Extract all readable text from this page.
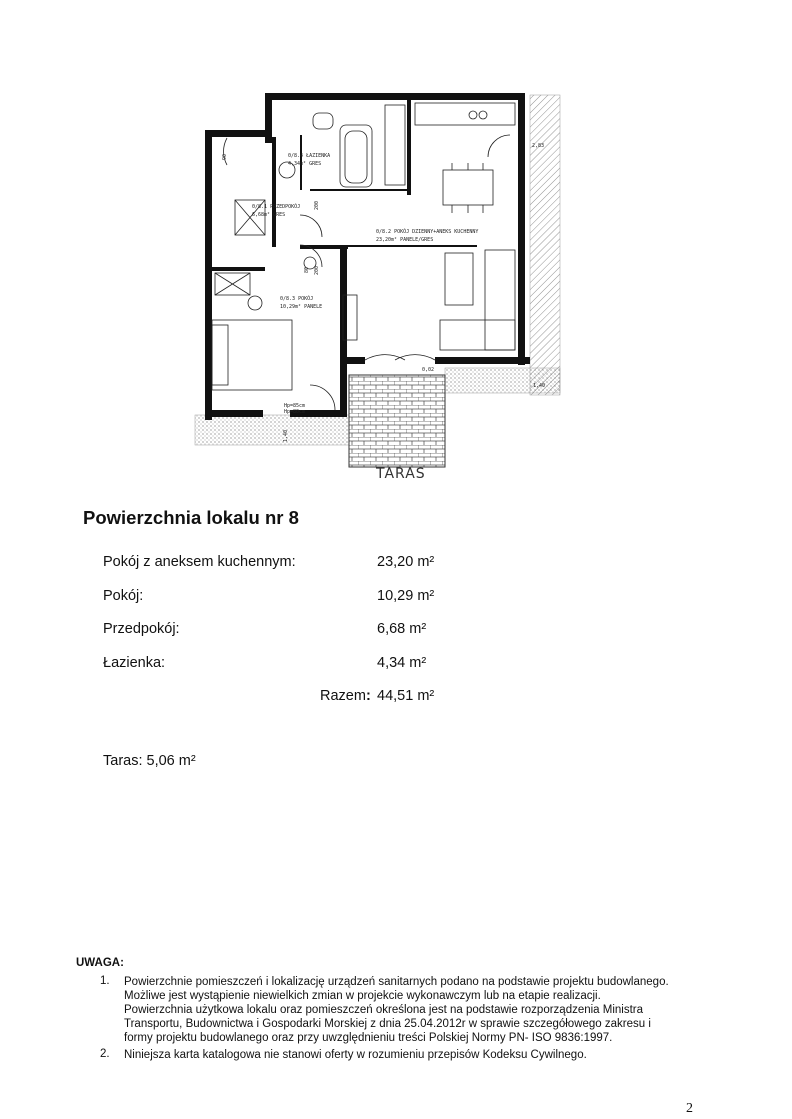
0/8.4 ŁAZIENKA
4,34m² GRES
0/8.1 PRZEDPOKÓJ
6,68m² GRES
0/8.2 POKÓJ DZIENNY+ANEKS KUCHENNY
23,20m² PANELE/GRES
0/8.3 POKÓJ
10,29m² PANELE
90
200
80 200
0,02
2,83
1,40
1,40
Hp=85cm
Hp=80cm
TARAS
Powierzchnia lokalu nr 8
Pokój z aneksem kuchennym:	23,20 m²
Pokój:	10,29 m²
Przedpokój:	6,68 m²
Łazienka:	4,34 m²
Razem: 44,51 m²
Taras: 5,06 m²
UWAGA:
1. Powierzchnie pomieszczeń i lokalizację urządzeń sanitarnych podano na podstawie projektu budowlanego.
Możliwe jest wystąpienie niewielkich zmian w projekcie wykonawczym lub na etapie realizacji.
Powierzchnia użytkowa lokalu oraz pomieszczeń określona jest na podstawie rozporządzenia Ministra
Transportu, Budownictwa i Gospodarki Morskiej z dnia 25.04.2012r w sprawie szczegółowego zakresu i
formy projektu budowlanego oraz przy uwzględnieniu treści Polskiej Normy PN- ISO 9836:1997.
2. Niniejsza karta katalogowa nie stanowi oferty w rozumieniu przepisów Kodeksu Cywilnego.
2
